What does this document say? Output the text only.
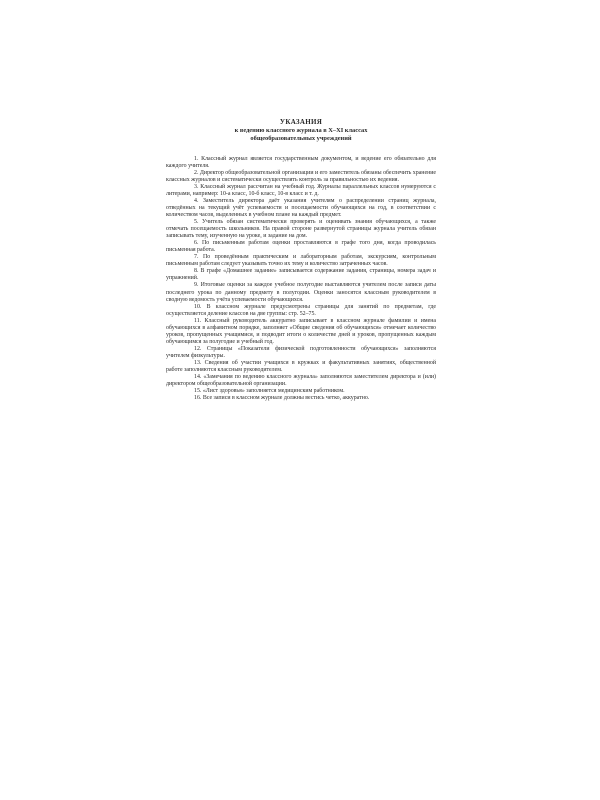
УКАЗАНИЯ

к ведению классного журнала в X–XI классах

общеобразовательных учреждений

1. Классный журнал является государственным документом, и ведение его обязательно для каждого учителя.

2. Директор общеобразовательной организации и его заместитель обязаны обеспечить хранение классных журналов и систематически осуществлять контроль за правильностью их ведения.

3. Классный журнал рассчитан на учебный год. Журналы параллельных классов нумеруются с литерами, например: 10-а класс, 10-б класс, 10-в класс и т. д.

4. Заместитель директора даёт указания учителям о распределении страниц журнала, отведённых на текущий учёт успеваемости и посещаемости обучающихся на год, в соответствии с количеством часов, выделенных в учебном плане на каждый предмет.

5. Учитель обязан систематически проверять и оценивать знания обучающихся, а также отмечать посещаемость школьников. На правой стороне развернутой страницы журнала учитель обязан записывать тему, изученную на уроке, и задание на дом.

6. По письменным работам оценки проставляются в графе того дня, когда проводилась письменная работа.

7. По проведённым практическим и лабораторным работам, экскурсиям, контрольным письменным работам следует указывать точно их тему и количество затраченных часов.

8. В графе «Домашнее задание» записывается содержание задания, страницы, номера задач и упражнений.

9. Итоговые оценки за каждое учебное полугодие выставляются учителем после записи даты последнего урока по данному предмету в полугодии. Оценки заносятся классным руководителем в сводную ведомость учёта успеваемости обучающихся.

10. В классном журнале предусмотрены страницы для занятий по предметам, где осуществляется деление классов на две группы: стр. 52–75.

11. Классный руководитель аккуратно записывает в классном журнале фамилии и имена обучающихся в алфавитном порядке, заполняет «Общие сведения об обучающихся» отмечает количество уроков, пропущенных учащимися, и подводит итоги о количестве дней и уроков, пропущенных каждым обучающимся за полугодие и учебный год.

12. Страницы «Показатели физической подготовленности обучающихся» заполняются учителем физкультуры.

13. Сведения об участии учащихся в кружках и факультативных занятиях, общественной работе заполняются классным руководителем.

14. «Замечания по ведению классного журнала» заполняются заместителем директора и (или) директором общеобразовательной организации.

15. «Лист здоровья» заполняется медицинским работником.

16. Все записи в классном журнале должны вестись четко, аккуратно.
